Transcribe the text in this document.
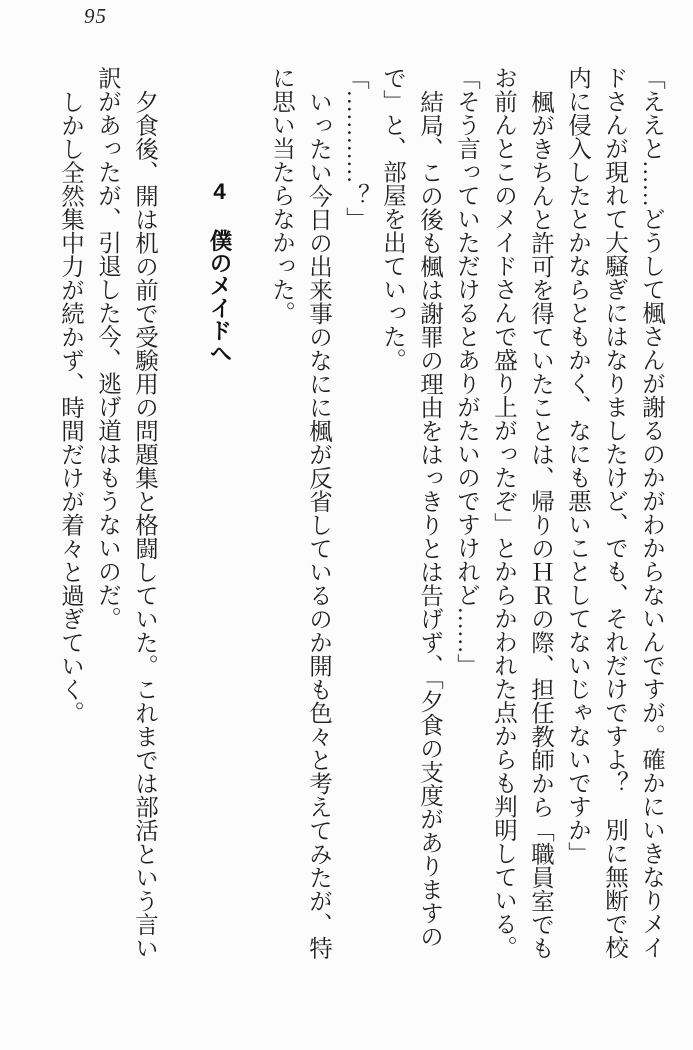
95

「ええと……どうして楓さんが謝るのかがわからないんですが。確かにいきなりメイ

ドさんが現れて大騒ぎにはなりましたけど、でも、それだけですよ？　別に無断で校

内に侵入したとかならともかく、なにも悪いことしてないじゃないですか」

楓がきちんと許可を得ていたことは、帰りのＨＲの際、担任教師から「職員室でも

お前んとこのメイドさんで盛り上がったぞ」とからかわれた点からも判明している。

「そう言っていただけるとありがたいのですけれど……」

結局、この後も楓は謝罪の理由をはっきりとは告げず、「夕食の支度がありますの

で」と、部屋を出ていった。

「…………？」

いったい今日の出来事のなにに楓が反省しているのか開も色々と考えてみたが、特

に思い当たらなかった。

4 僕のメイドへ

夕食後、開は机の前で受験用の問題集と格闘していた。これまでは部活という言い

訳があったが、引退した今、逃げ道はもうないのだ。

しかし全然集中力が続かず、時間だけが着々と過ぎていく。
